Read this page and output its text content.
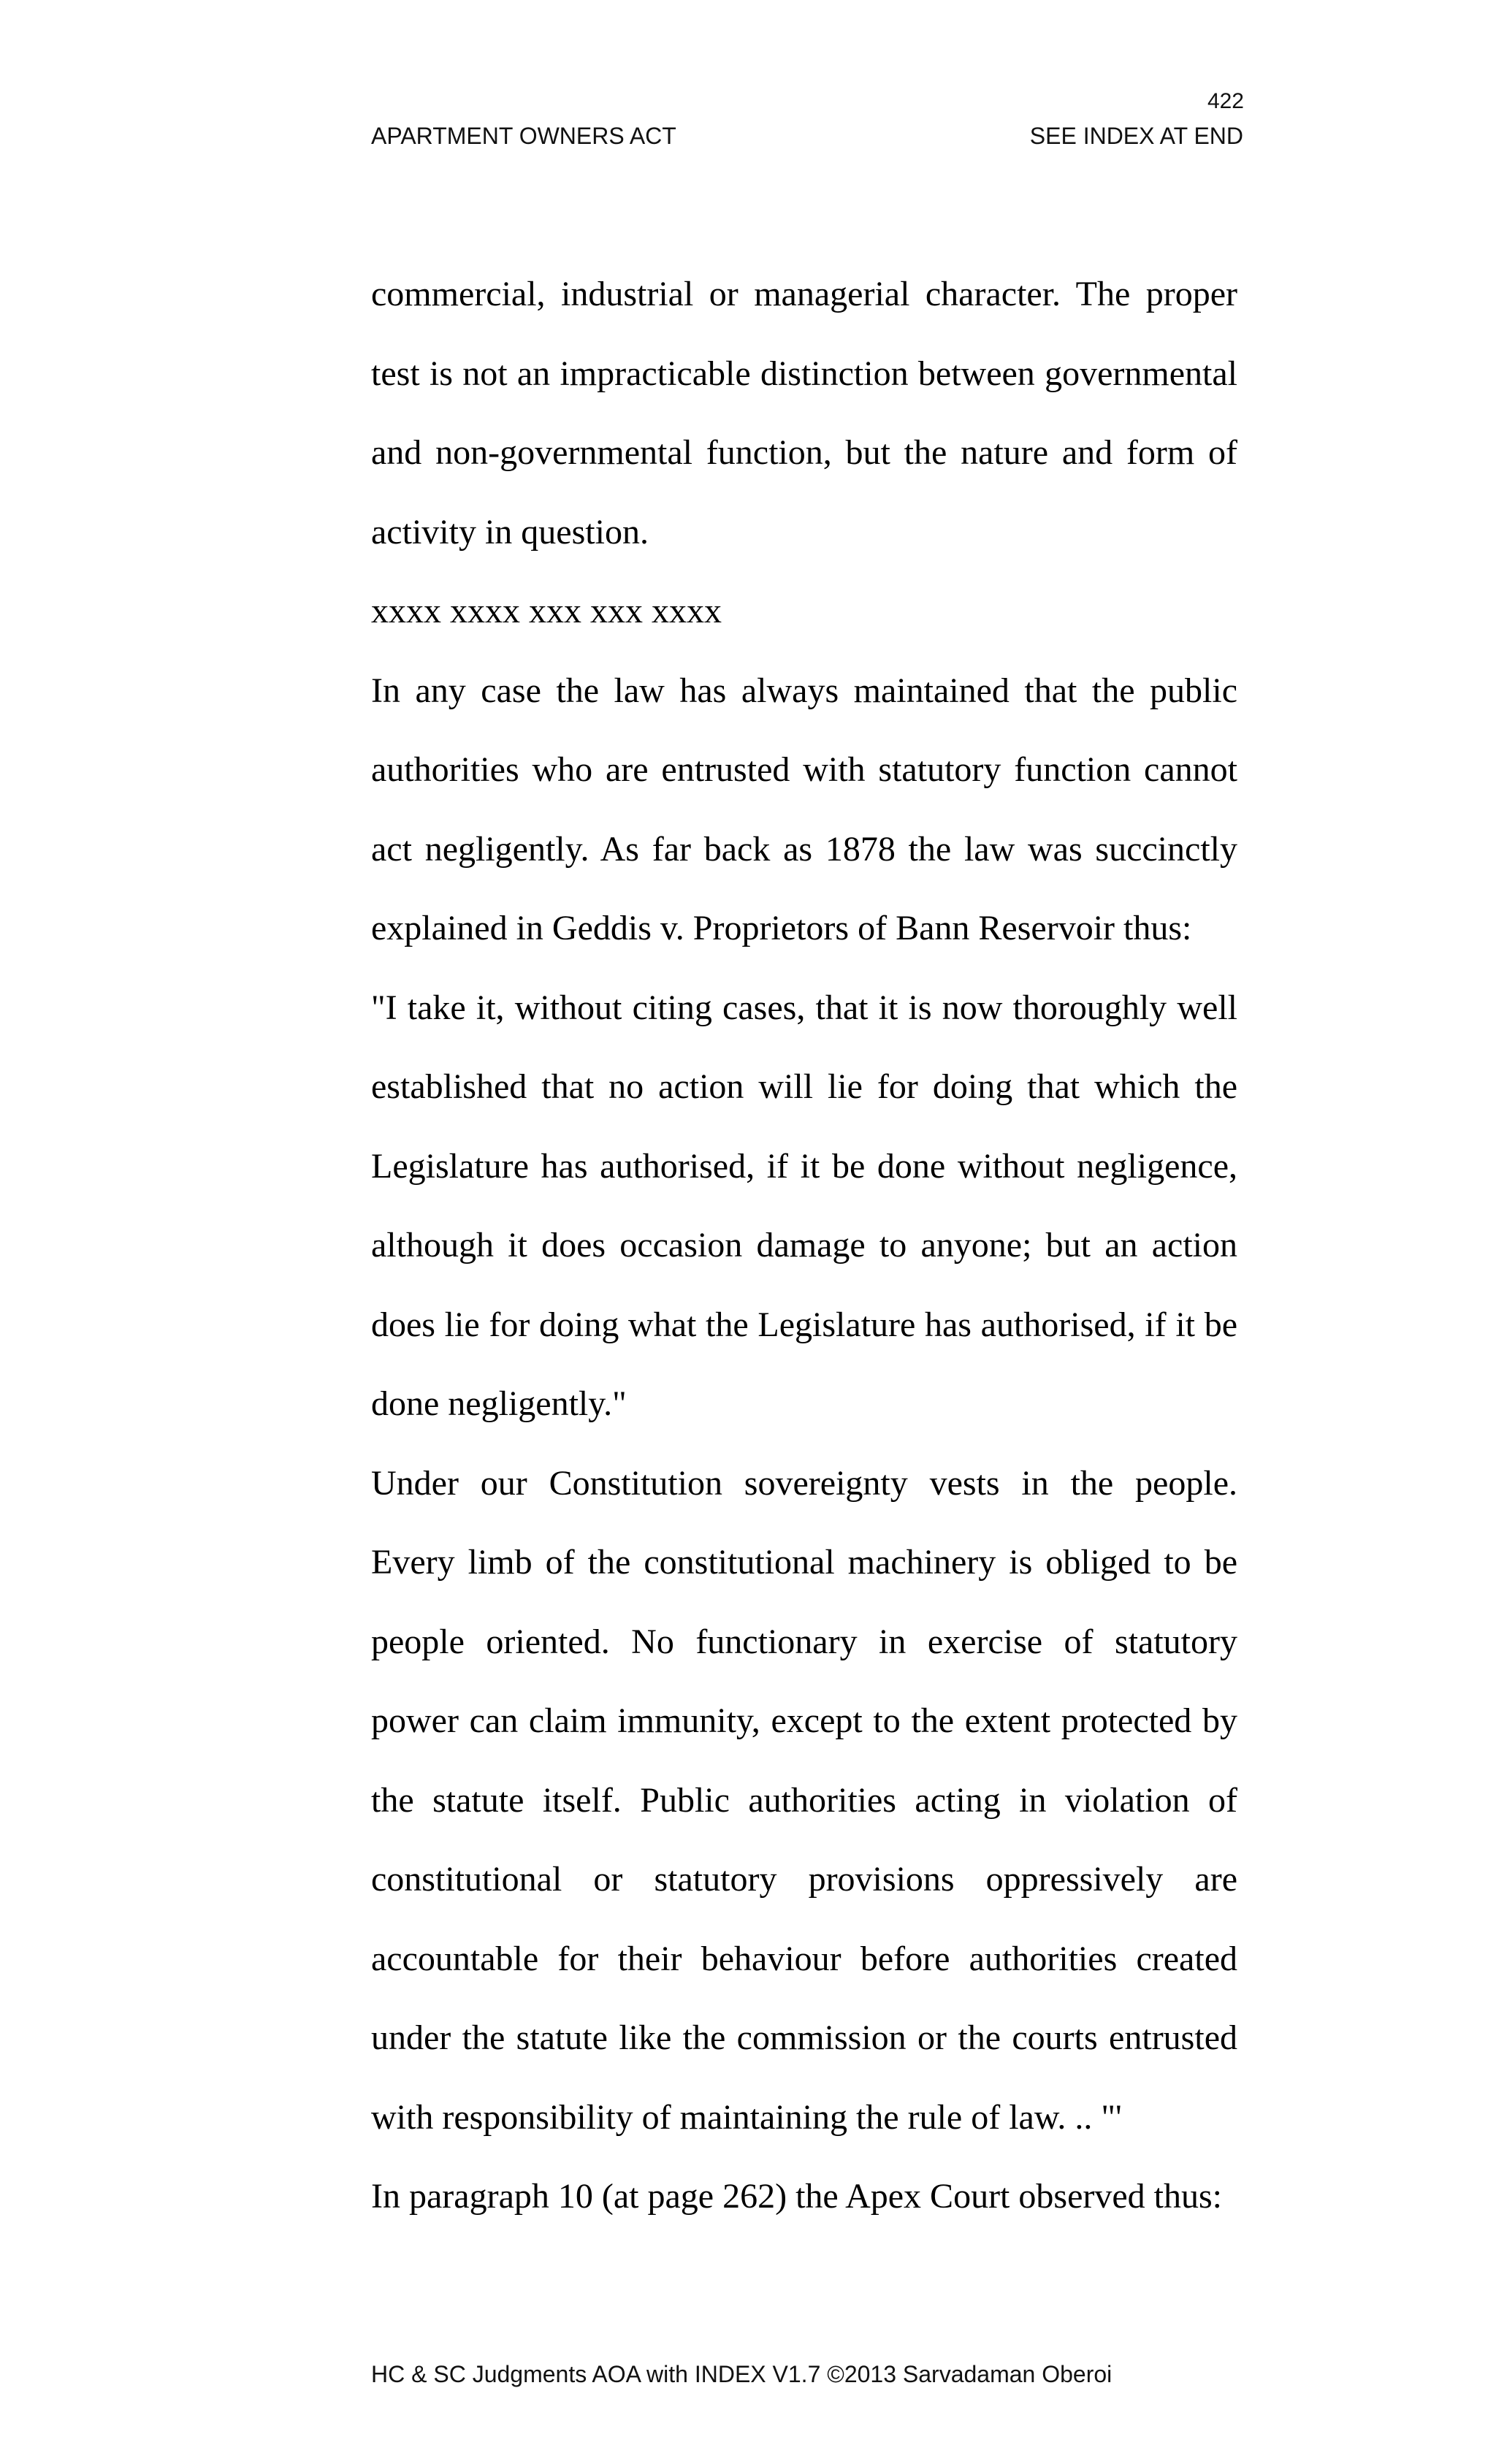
422
APARTMENT OWNERS ACT	SEE INDEX AT END

commercial, industrial or managerial character. The proper test is not an impracticable distinction between governmental and non-governmental function, but the nature and form of activity in question.

xxxx xxxx xxx xxx xxxx

In any case the law has always maintained that the public authorities who are entrusted with statutory function cannot act negligently. As far back as 1878 the law was succinctly explained in Geddis v. Proprietors of Bann Reservoir thus:

"I take it, without citing cases, that it is now thoroughly well established that no action will lie for doing that which the Legislature has authorised, if it be done without negligence, although it does occasion damage to anyone; but an action does lie for doing what the Legislature has authorised, if it be done negligently."

Under our Constitution sovereignty vests in the people. Every limb of the constitutional machinery is obliged to be people oriented. No functionary in exercise of statutory power can claim immunity, except to the extent protected by the statute itself. Public authorities acting in violation of constitutional or statutory provisions oppressively are accountable for their behaviour before authorities created under the statute like the commission or the courts entrusted with responsibility of maintaining the rule of law. .. "'

In paragraph 10 (at page 262) the Apex Court observed thus:

HC & SC Judgments AOA with INDEX V1.7 ©2013 Sarvadaman Oberoi
